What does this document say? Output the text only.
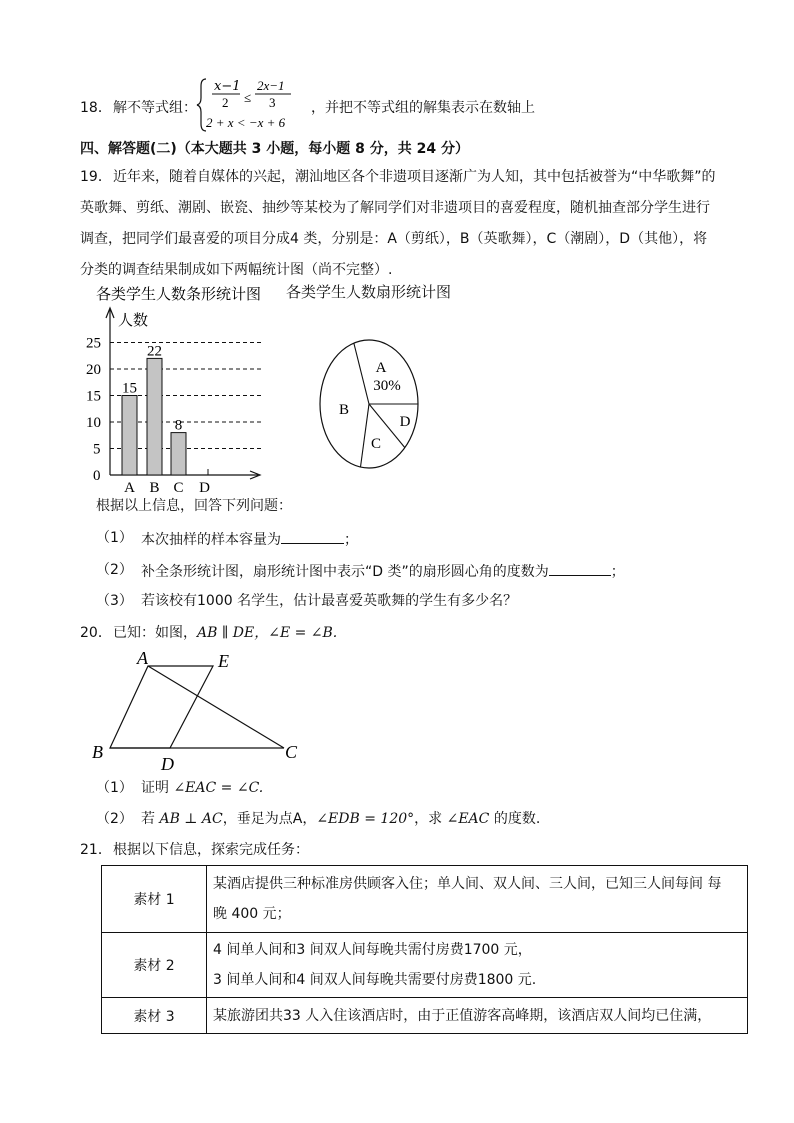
18． 解不等式组：
x−1
2 ≤
2x−1
3
2 + x < −x + 6
，并把不等式组的解集表示在数轴上
四、解答题(二)（本大题共 3 小题，每小题 8 分，共 24 分）
19． 近年来，随着自媒体的兴起，潮汕地区各个非遗项目逐渐广为人知，其中包括被誉为“中华歌舞”的
英歌舞、剪纸、潮剧、嵌瓷、抽纱等某校为了解同学们对非遗项目的喜爱程度，随机抽查部分学生进行
调查，把同学们最喜爱的项目分成4 类，分别是：A（剪纸），B（英歌舞），C（潮剧），D（其他），将
分类的调查结果制成如下两幅统计图（尚不完整）.
各类学生人数条形统计图
人数
0
5
10
15
20
25
15
A
22
B
8
C D
各类学生人数扇形统计图
A
30%
D
C
B
根据以上信息，回答下列问题：
（1） 本次抽样的样本容量为	；
（2） 补全条形统计图，扇形统计图中表示“D 类”的扇形圆心角的度数为	；
（3） 若该校有1000 名学生，估计最喜爱英歌舞的学生有多少名？
20． 已知：如图，AB ∥ DE，∠E = ∠B.
A	E
B
D
C
（1） 证明 ∠EAC = ∠C.
（2） 若 AB ⊥ AC，垂足为点A，∠EDB = 120°，求 ∠EAC 的度数.
21． 根据以下信息，探索完成任务：
素材 1	某酒店提供三种标准房供顾客入住；单人间、双人间、三人间，已知三人间每间 每
晚 400 元；

素材 2	4 间单人间和3 间双人间每晚共需付房费1700 元，
3 间单人间和4 间双人间每晚共需要付房费1800 元.

素材 3	某旅游团共33 人入住该酒店时，由于正值游客高峰期，该酒店双人间均已住满，
